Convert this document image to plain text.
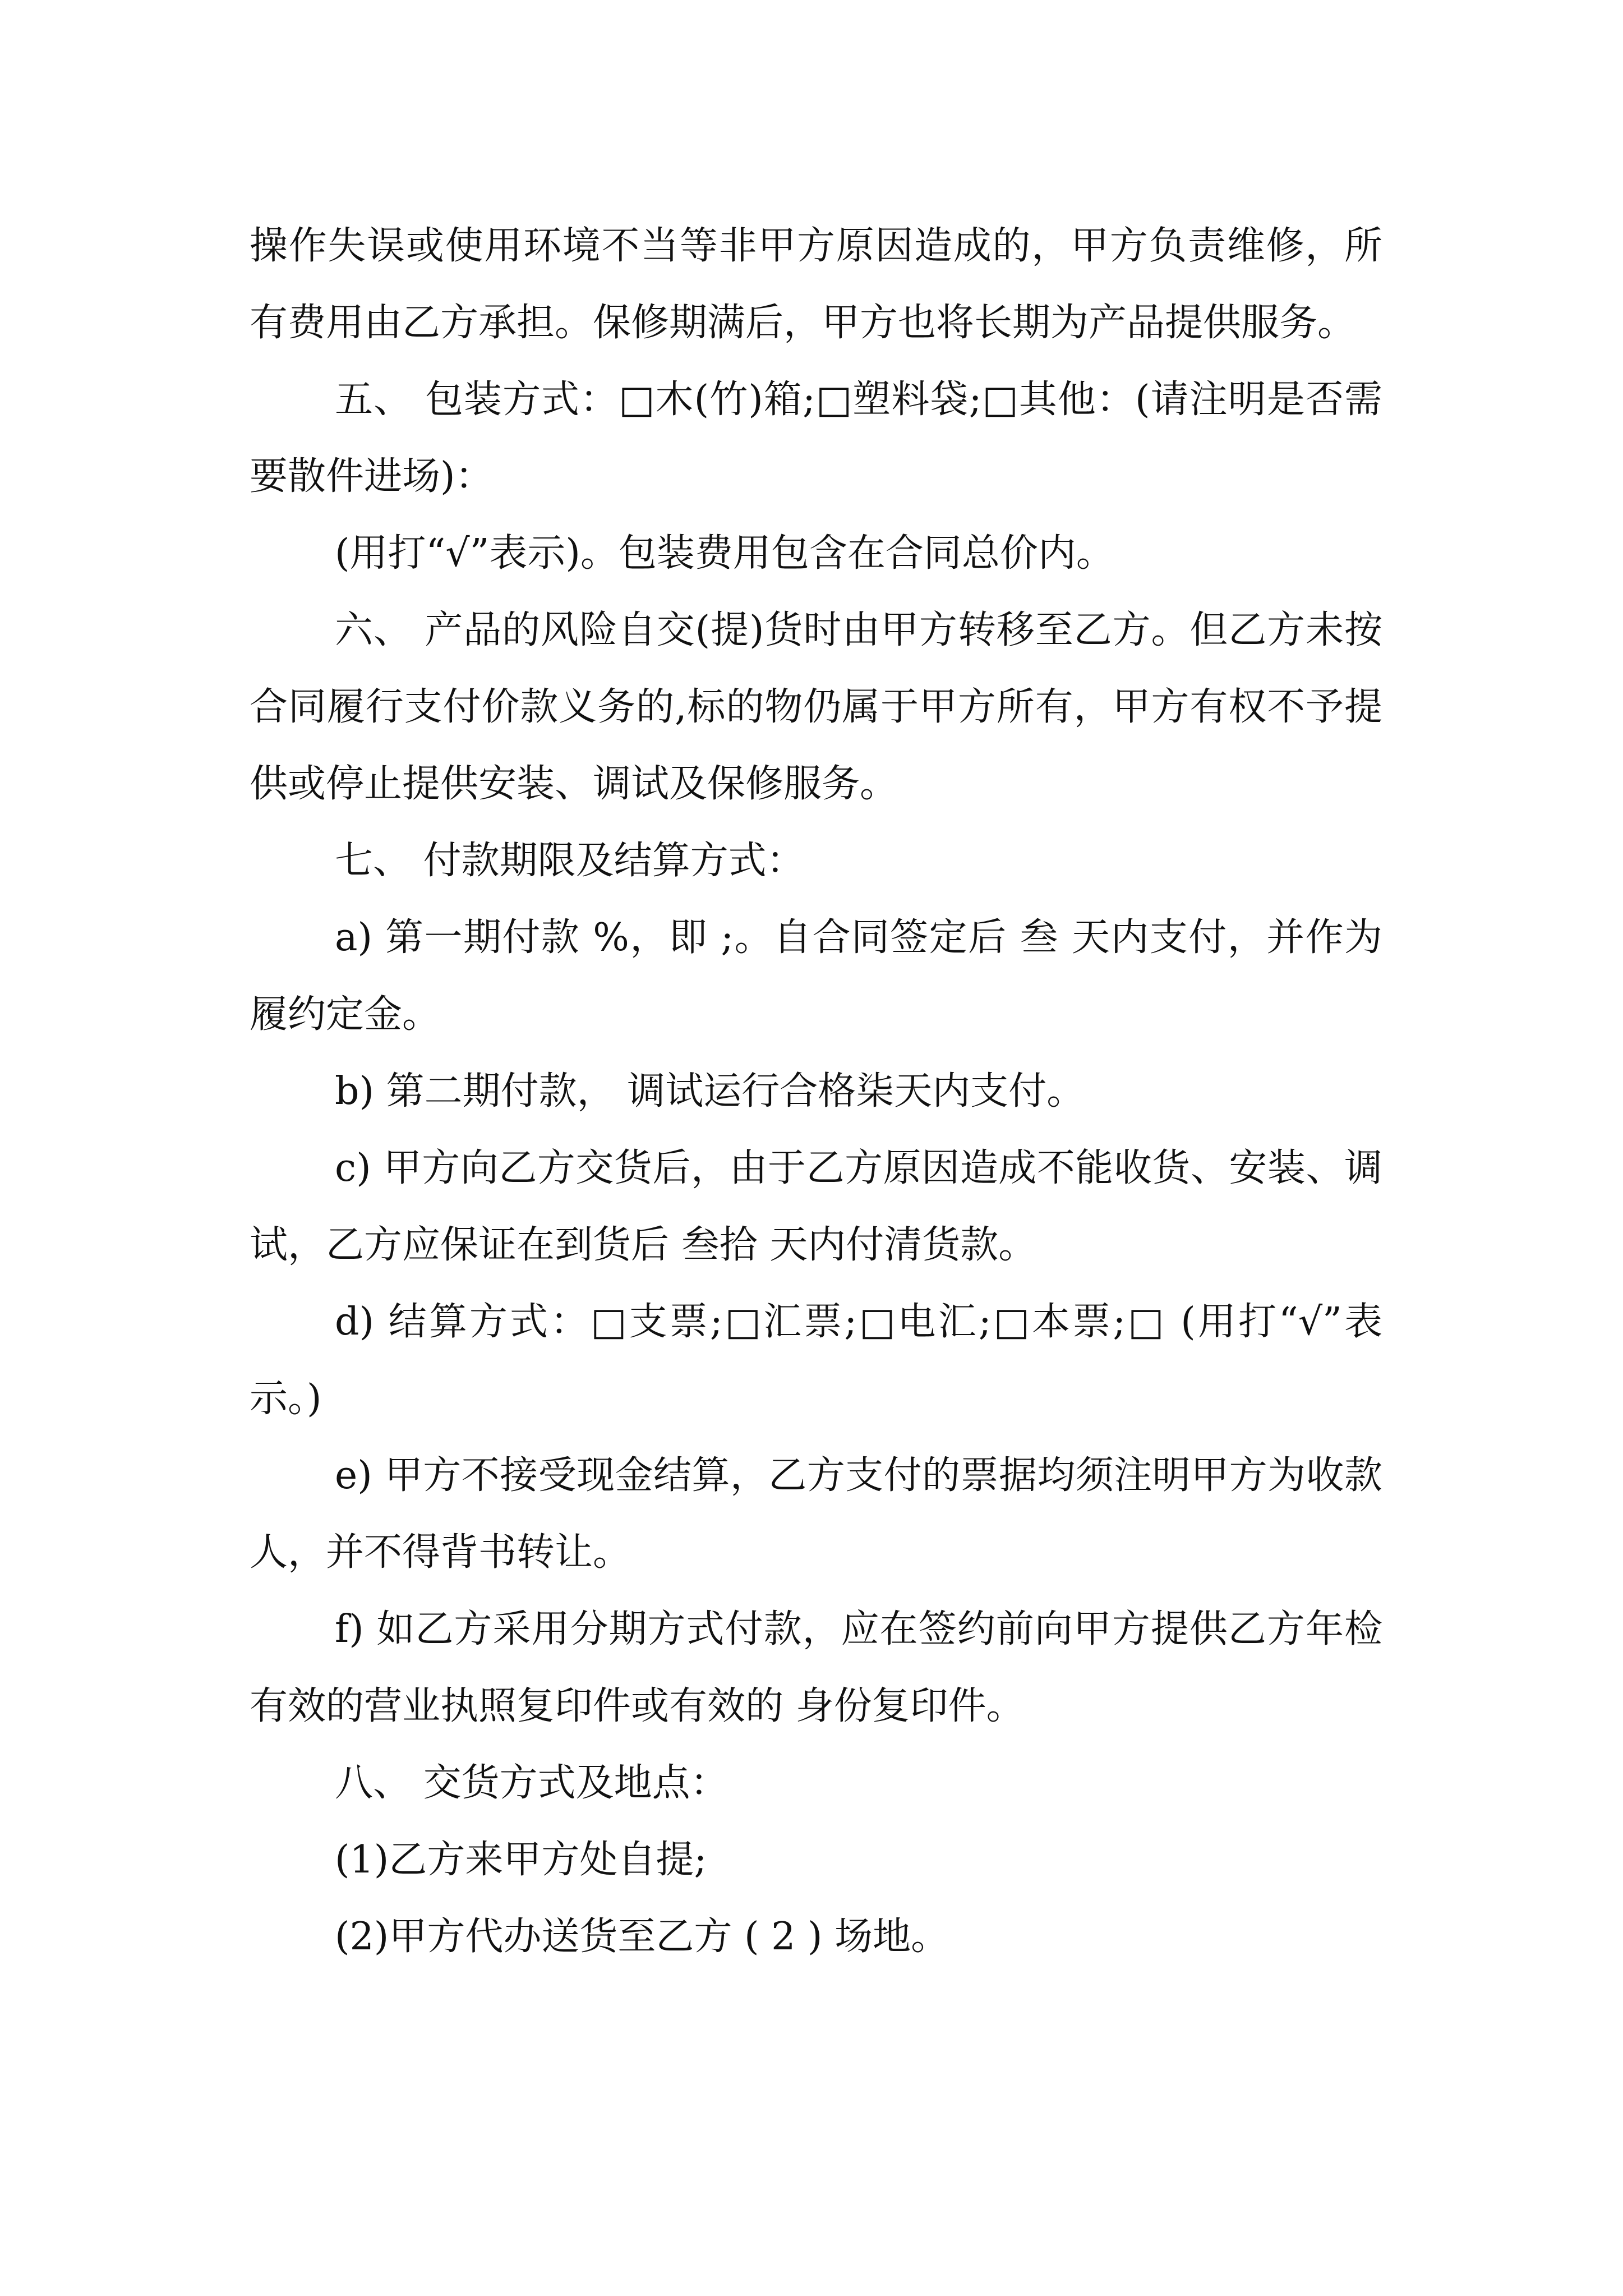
操作失误或使用环境不当等非甲方原因造成的，甲方负责维修，所有费用由乙方承担。保修期满后，甲方也将长期为产品提供服务。

五、 包装方式：□木(竹)箱;□塑料袋;□其他：(请注明是否需要散件进场)：

(用打“√”表示)。包装费用包含在合同总价内。

六、 产品的风险自交(提)货时由甲方转移至乙方。但乙方未按合同履行支付价款义务的,标的物仍属于甲方所有，甲方有权不予提供或停止提供安装、调试及保修服务。

七、 付款期限及结算方式：

a) 第一期付款 %，即 ;。自合同签定后 叁 天内支付，并作为履约定金。

b) 第二期付款， 调试运行合格柒天内支付。

c) 甲方向乙方交货后，由于乙方原因造成不能收货、安装、调试，乙方应保证在到货后 叁拾 天内付清货款。

d) 结算方式：□支票;□汇票;□电汇;□本票;□ (用打“√”表示。)

e) 甲方不接受现金结算，乙方支付的票据均须注明甲方为收款人，并不得背书转让。

f) 如乙方采用分期方式付款，应在签约前向甲方提供乙方年检有效的营业执照复印件或有效的 身份复印件。

八、 交货方式及地点：

(1)乙方来甲方处自提;

(2)甲方代办送货至乙方 ( 2 ) 场地。
